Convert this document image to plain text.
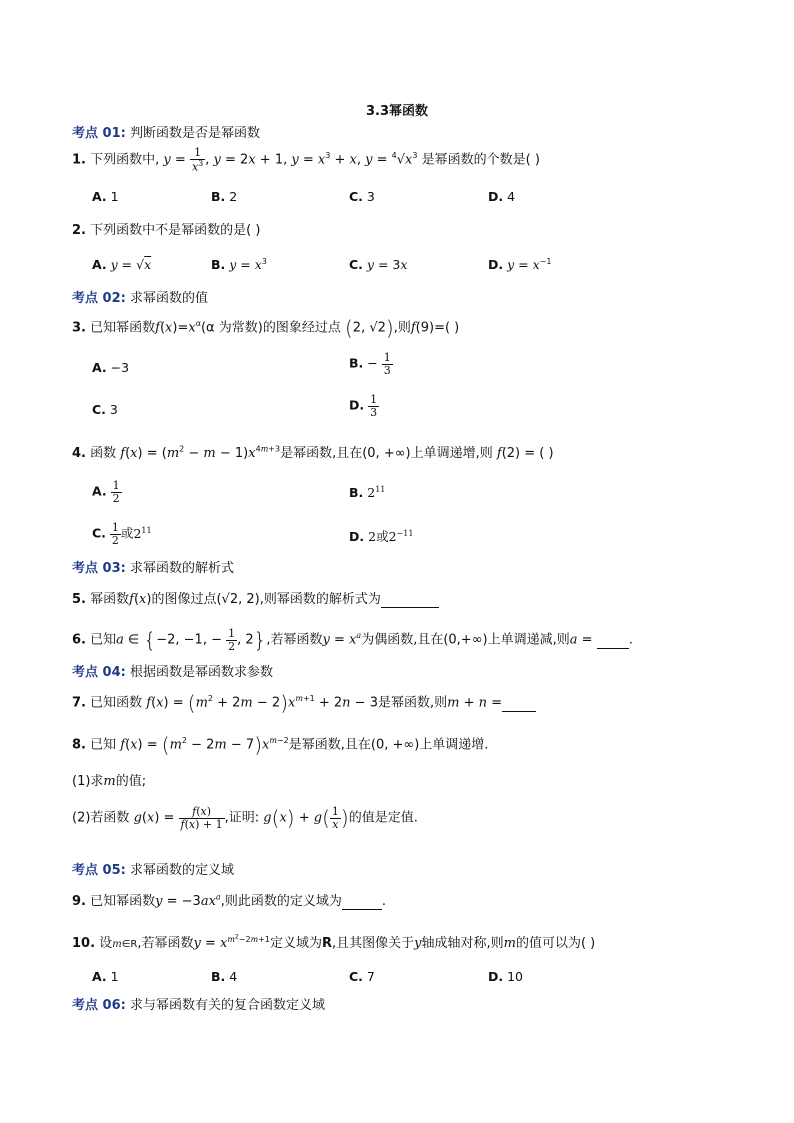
3.3幂函数
考点 01: 判断函数是否是幂函数
1. 下列函数中, $y = \frac{1}{x^3}$ , y = 2x + 1, $y = x^3 + x$, $y = ^4√x^3$ 是幂函数的个数是( )
A. 1	B. 2	C. 3	D. 4
2. 下列函数中不是幂函数的是( )
A. y = √x	B. $y = x^3$	C. y = 3x	D. $y = x^{-1}$
考点 02: 求幂函数的值
3. 已知幂函数$f(x)=x^\alpha(\alpha$ 为常数)的图象经过点 (2, √2),则f(9)=( )
A. −3	B. − $\frac{1}{3}$
C. 3	D. $\frac{1}{3}$
4. 函数 $f(x) = (m^2 - m - 1)x^{4m+3}$是幂函数,且在(0, +∞)上单调递增,则 f(2) = ( )
A. $\frac{1}{2}$	B. $2^{11}$
C. $\frac{1}{2}$ 或$2^{11}$	D. 2或$2^{-11}$
考点 03: 求幂函数的解析式
5. 幂函数f(x)的图像过点(√2, 2),则幂函数的解析式为
6. 已知a ∈ {−2, −1, − $\frac{1}{2}$ , 2},若幂函数$y = x^a$为偶函数,且在(0,+∞)上单调递减,则a =  .
考点 04: 根据函数是幂函数求参数
7. 已知函数 $f(x) = (m^2 + 2m - 2)x^{m+1} + 2n - 3$是幂函数,则m + n =
8. 已知 $f(x) = (m^2 - 2m - 7)x^{m-2}$是幂函数,且在(0, +∞)上单调递增.
(1)求m的值;
(2)若函数 $g(x) = \frac{f(x)}{f(x) + 1}$ ,证明: $g(x) + g( \frac{1}{x}$ )的值是定值.
考点 05: 求幂函数的定义域
9. 已知幂函数$y = -3ax^a$,则此函数的定义域为	.
10. 设m∈R,若幂函数$y = x^{m^2-2m+1}$定义域为R,且其图像关于y轴成轴对称,则m的值可以为( )
A. 1	B. 4	C. 7	D. 10
考点 06: 求与幂函数有关的复合函数定义域
